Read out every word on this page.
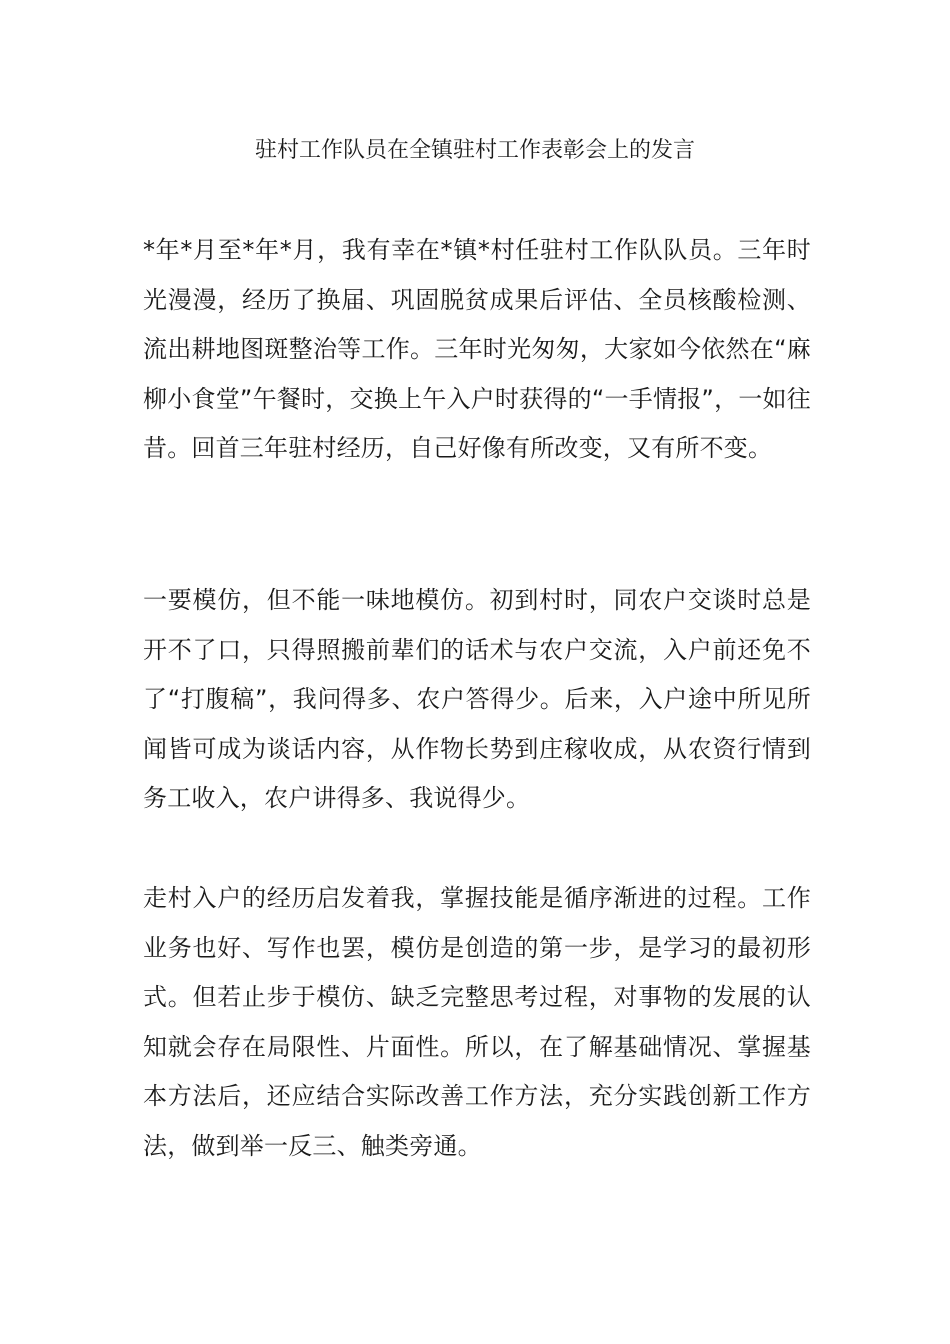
驻村工作队员在全镇驻村工作表彰会上的发言

*年*月至*年*月，我有幸在*镇*村任驻村工作队队员。三年时光漫漫，经历了换届、巩固脱贫成果后评估、全员核酸检测、流出耕地图斑整治等工作。三年时光匆匆，大家如今依然在“麻柳小食堂”午餐时，交换上午入户时获得的“一手情报”，一如往昔。回首三年驻村经历，自己好像有所改变，又有所不变。

一要模仿，但不能一味地模仿。初到村时，同农户交谈时总是开不了口，只得照搬前辈们的话术与农户交流，入户前还免不了“打腹稿”，我问得多、农户答得少。后来，入户途中所见所闻皆可成为谈话内容，从作物长势到庄稼收成，从农资行情到务工收入，农户讲得多、我说得少。

走村入户的经历启发着我，掌握技能是循序渐进的过程。工作业务也好、写作也罢，模仿是创造的第一步，是学习的最初形式。但若止步于模仿、缺乏完整思考过程，对事物的发展的认知就会存在局限性、片面性。所以，在了解基础情况、掌握基本方法后，还应结合实际改善工作方法，充分实践创新工作方法，做到举一反三、触类旁通。
